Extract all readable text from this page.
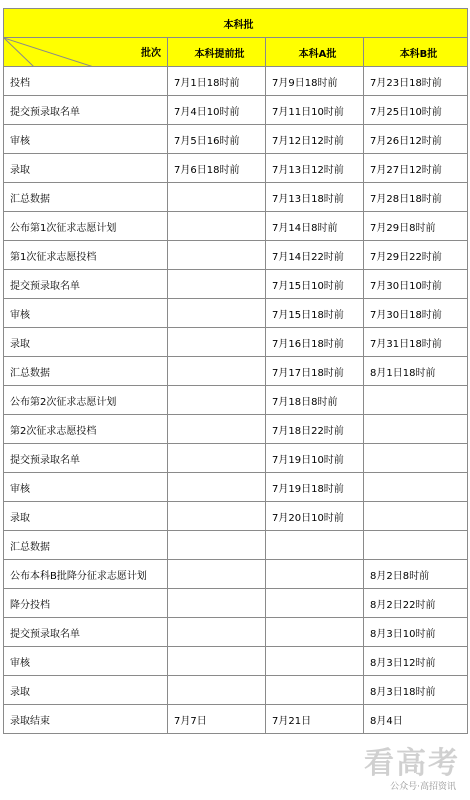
本科批			

批次	本科提前批	本科A批	本科B批
投档	7月1日18时前	7月9日18时前	7月23日18时前
提交预录取名单	7月4日10时前	7月11日10时前	7月25日10时前
审核	7月5日16时前	7月12日12时前	7月26日12时前
录取	7月6日18时前	7月13日12时前	7月27日12时前
汇总数据		7月13日18时前	7月28日18时前
公布第1次征求志愿计划		7月14日8时前	7月29日8时前
第1次征求志愿投档		7月14日22时前	7月29日22时前
提交预录取名单		7月15日10时前	7月30日10时前
审核		7月15日18时前	7月30日18时前
录取		7月16日18时前	7月31日18时前
汇总数据		7月17日18时前	8月1日18时前
公布第2次征求志愿计划		7月18日8时前	
第2次征求志愿投档		7月18日22时前	
提交预录取名单		7月19日10时前	
审核		7月19日18时前	
录取		7月20日10时前	
汇总数据			
公布本科B批降分征求志愿计划			8月2日8时前
降分投档			8月2日22时前
提交预录取名单			8月3日10时前
审核			8月3日12时前
录取			8月3日18时前
录取结束	7月7日	7月21日	8月4日
看高考
公众号·高招资讯
